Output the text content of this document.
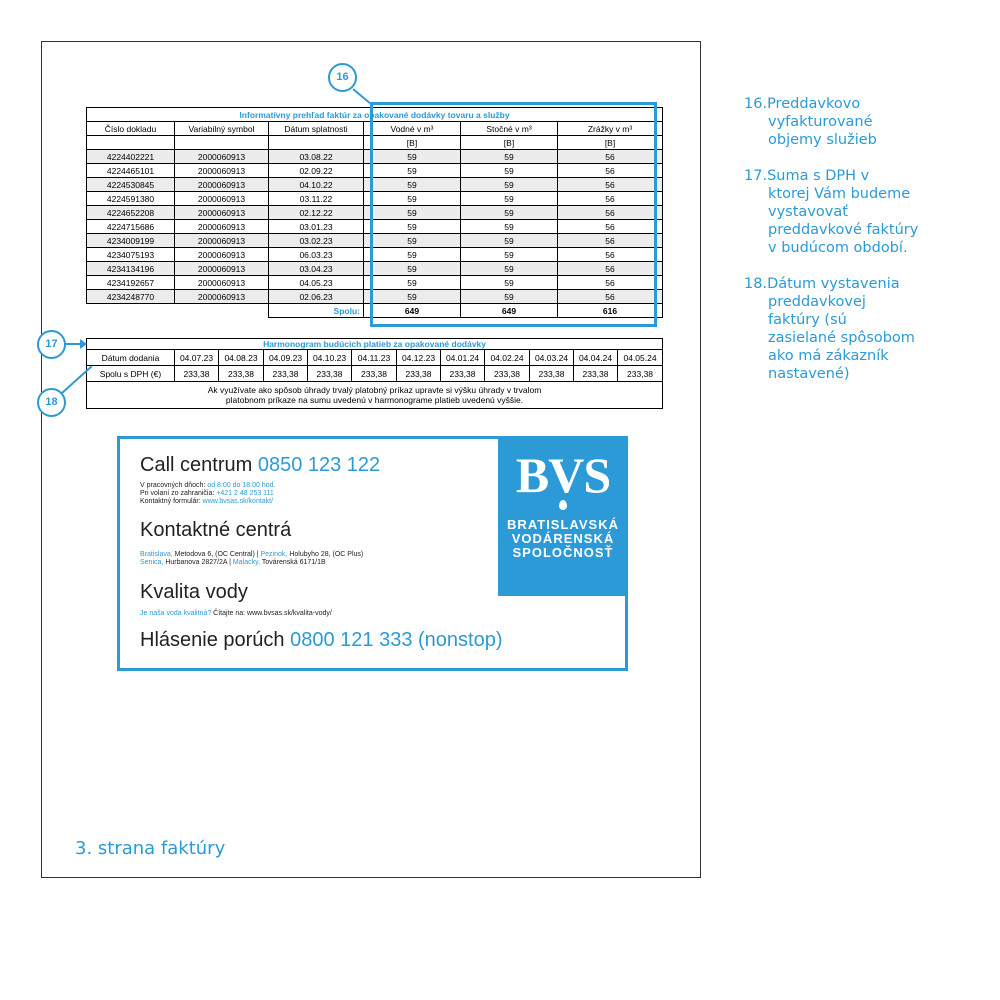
Informatívny prehľad faktúr za opakované dodávky tovaru a služby					
Číslo dokladu	Variabilný symbol	Dátum splatnosti	Vodné v m³	Stočné v m³	Zrážky v m³
			[B]	[B]	[B]
4224402221	2000060913	03.08.22	59	59	56
4224465101	2000060913	02.09.22	59	59	56
4224530845	2000060913	04.10.22	59	59	56
4224591380	2000060913	03.11.22	59	59	56
4224652208	2000060913	02.12.22	59	59	56
4224715686	2000060913	03.01.23	59	59	56
4234009199	2000060913	03.02.23	59	59	56
4234075193	2000060913	06.03.23	59	59	56
4234134196	2000060913	03.04.23	59	59	56
4234192657	2000060913	04.05.23	59	59	56
4234248770	2000060913	02.06.23	59	59	56
		Spolu:	649	649	616
16
Harmonogram budúcich platieb za opakované dodávky											
Dátum dodania	04.07.23	04.08.23	04.09.23	04.10.23	04.11.23	04.12.23	04.01.24	04.02.24	04.03.24	04.04.24	04.05.24
Spolu s DPH (€)	233,38	233,38	233,38	233,38	233,38	233,38	233,38	233,38	233,38	233,38	233,38
Ak využívate ako spôsob úhrady trvalý platobný príkaz upravte si výšku úhrady v trvalom
platobnom príkaze na sumu uvedenú v harmonograme platieb uvedenú vyššie.											
17
18
BVS
BRATISLAVSKÁ
VODÁRENSKÁ
SPOLOČNOSŤ
Call centrum 0850 123 122
V pracovných dňoch: od 8:00 do 18:00 hod.
Pri volaní zo zahraničia: +421 2 48 253 111
Kontaktný formulár: www.bvsas.sk/kontakt/
Kontaktné centrá
Bratislava, Metodova 6, (OC Central) | Pezinok, Holubyho 28, (OC Plus)
Senica, Hurbanova 2827/2A | Malacky, Továrenská 6171/1B
Kvalita vody
Je naša voda kvalitná? Čítajte na: www.bvsas.sk/kvalita-vody/
Hlásenie porúch 0800 121 333 (nonstop)
3. strana faktúry
16.Preddavkovo
vyfakturované
objemy služieb
17.Suma s DPH v
ktorej Vám budeme
vystavovať
preddavkové faktúry
v budúcom období.
18.Dátum vystavenia
preddavkovej
faktúry (sú
zasielané spôsobom
ako má zákazník
nastavené)
